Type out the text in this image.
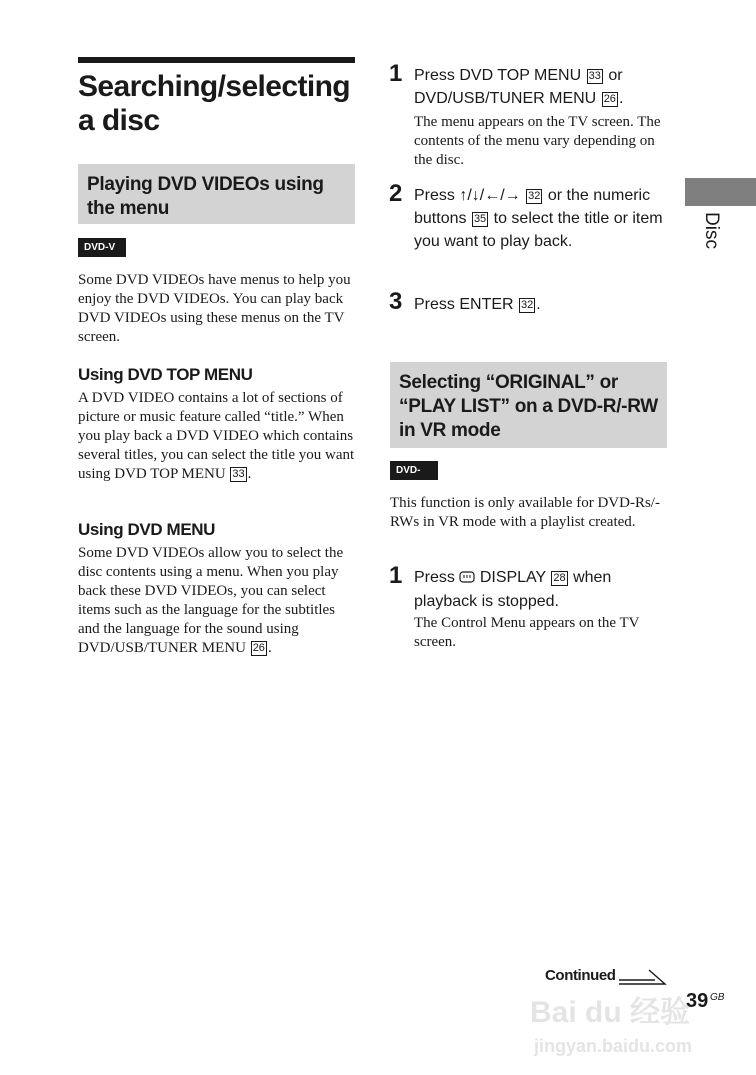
Searching/selecting a disc
Playing DVD VIDEOs using the menu
DVD-V
Some DVD VIDEOs have menus to help you enjoy the DVD VIDEOs. You can play back DVD VIDEOs using these menus on the TV screen.
Using DVD TOP MENU
A DVD VIDEO contains a lot of sections of picture or music feature called “title.” When you play back a DVD VIDEO which contains several titles, you can select the title you want using DVD TOP MENU 33 .
Using DVD MENU
Some DVD VIDEOs allow you to select the disc contents using a menu. When you play back these DVD VIDEOs, you can select items such as the language for the subtitles and the language for the sound using DVD/USB/TUNER MENU 26 .
1 Press DVD TOP MENU 33 or DVD/USB/TUNER MENU 26 .
The menu appears on the TV screen. The contents of the menu vary depending on the disc.
2 Press ↑/↓/←/→ 32 or the numeric buttons 35 to select the title or item you want to play back.
3 Press ENTER 32 .
Selecting “ORIGINAL” or “PLAY LIST” on a DVD-R/-RW in VR mode
DVD-VR
This function is only available for DVD-Rs/-RWs in VR mode with a playlist created.
1 Press DISPLAY 28 when playback is stopped.
The Control Menu appears on the TV screen.
Disc
Continued
39 GB
Bai du 经验
jingyan.baidu.com
